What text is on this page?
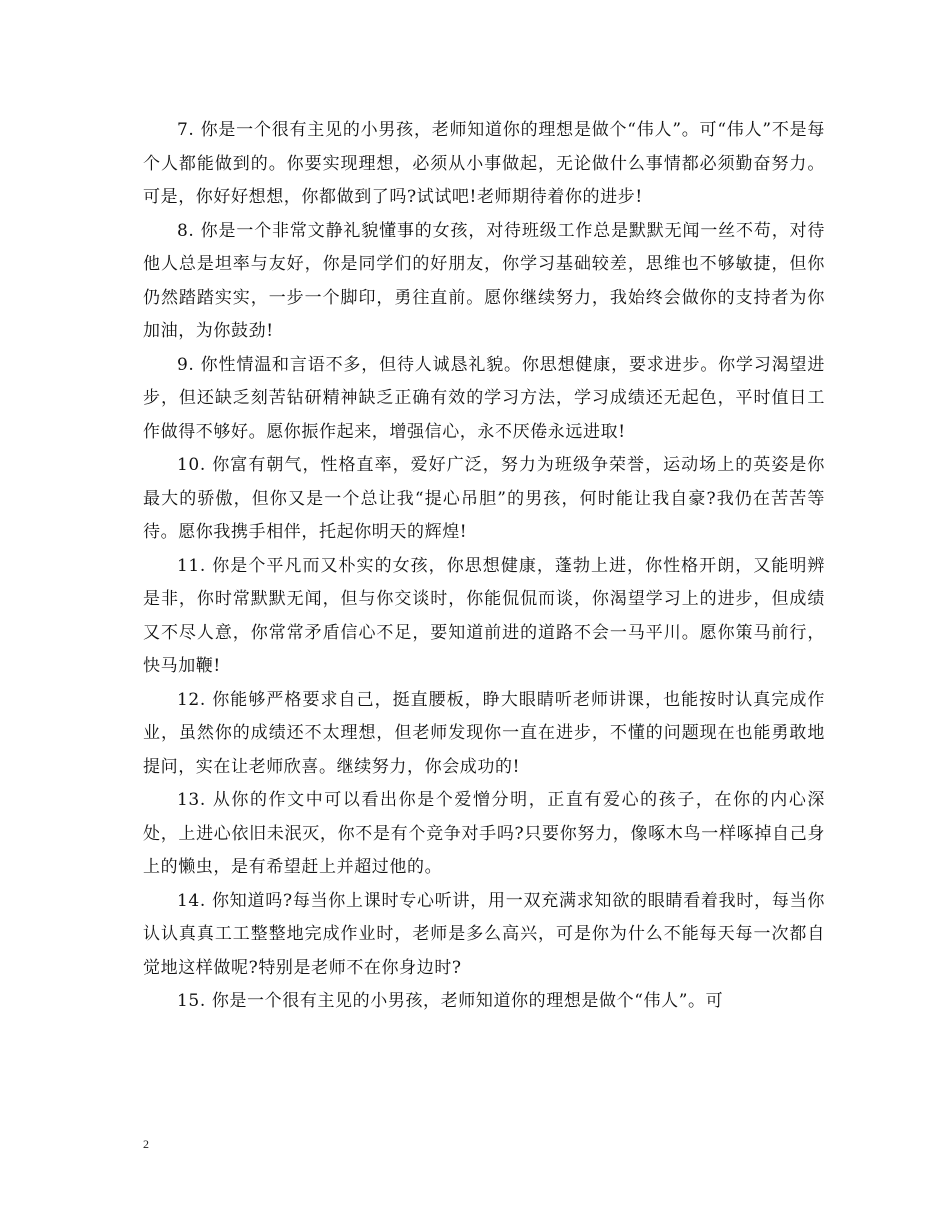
7. 你是一个很有主见的小男孩，老师知道你的理想是做个“伟人”。可“伟人”不是每个人都能做到的。你要实现理想，必须从小事做起，无论做什么事情都必须勤奋努力。可是，你好好想想，你都做到了吗?试试吧!老师期待着你的进步!

8. 你是一个非常文静礼貌懂事的女孩，对待班级工作总是默默无闻一丝不苟，对待他人总是坦率与友好，你是同学们的好朋友，你学习基础较差，思维也不够敏捷，但你仍然踏踏实实，一步一个脚印，勇往直前。愿你继续努力，我始终会做你的支持者为你加油，为你鼓劲!

9. 你性情温和言语不多，但待人诚恳礼貌。你思想健康，要求进步。你学习渴望进步，但还缺乏刻苦钻研精神缺乏正确有效的学习方法，学习成绩还无起色，平时值日工作做得不够好。愿你振作起来，增强信心，永不厌倦永远进取!

10. 你富有朝气，性格直率，爱好广泛，努力为班级争荣誉，运动场上的英姿是你最大的骄傲，但你又是一个总让我“提心吊胆”的男孩，何时能让我自豪?我仍在苦苦等待。愿你我携手相伴，托起你明天的辉煌!

11. 你是个平凡而又朴实的女孩，你思想健康，蓬勃上进，你性格开朗，又能明辨是非，你时常默默无闻，但与你交谈时，你能侃侃而谈，你渴望学习上的进步，但成绩又不尽人意，你常常矛盾信心不足，要知道前进的道路不会一马平川。愿你策马前行，快马加鞭!

12. 你能够严格要求自己，挺直腰板，睁大眼睛听老师讲课，也能按时认真完成作业，虽然你的成绩还不太理想，但老师发现你一直在进步，不懂的问题现在也能勇敢地提问，实在让老师欣喜。继续努力，你会成功的!

13. 从你的作文中可以看出你是个爱憎分明，正直有爱心的孩子，在你的内心深处，上进心依旧未泯灭，你不是有个竞争对手吗?只要你努力，像啄木鸟一样啄掉自己身上的懒虫，是有希望赶上并超过他的。

14. 你知道吗?每当你上课时专心听讲，用一双充满求知欲的眼睛看着我时，每当你认认真真工工整整地完成作业时，老师是多么高兴，可是你为什么不能每天每一次都自觉地这样做呢?特别是老师不在你身边时?

15. 你是一个很有主见的小男孩，老师知道你的理想是做个“伟人”。可

2
